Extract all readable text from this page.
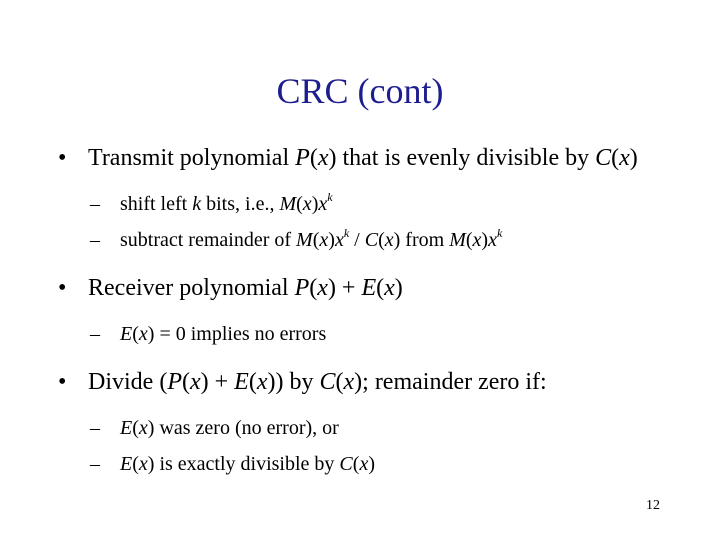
CRC (cont)
• Transmit polynomial P(x) that is evenly divisible by C(x)
– shift left k bits, i.e., $M(x)x^k$
– subtract remainder of $M(x)x^k / C(x)$ from $M(x)x^k$
• Receiver polynomial P(x) + E(x)
– E(x) = 0 implies no errors
• Divide (P(x) + E(x)) by C(x); remainder zero if:
– E(x) was zero (no error), or
– E(x) is exactly divisible by C(x)
12
